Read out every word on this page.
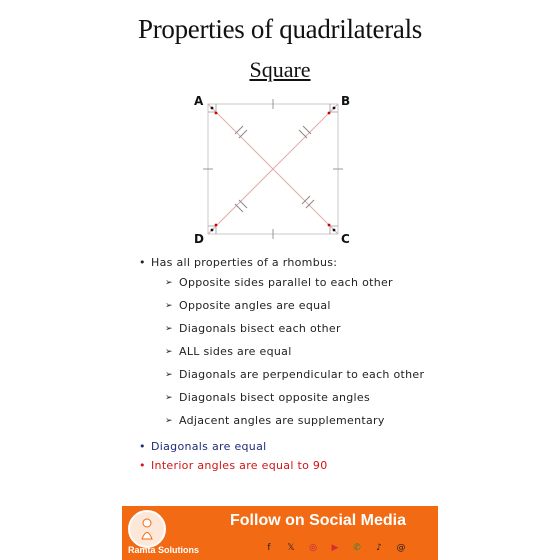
Properties of quadrilaterals
Square
A	B
C
D
• Has all properties of a rhombus:
➢ Opposite sides parallel to each other
➢ Opposite angles are equal
➢ Diagonals bisect each other
➢ ALL sides are equal
➢ Diagonals are perpendicular to each other
➢ Diagonals bisect opposite angles
➢ Adjacent angles are supplementary
• Diagonals are equal
• Interior angles are equal to 90
Follow on Social Media
Ramta Solutions	f	𝕏	◎	▶	✆	♪	@
